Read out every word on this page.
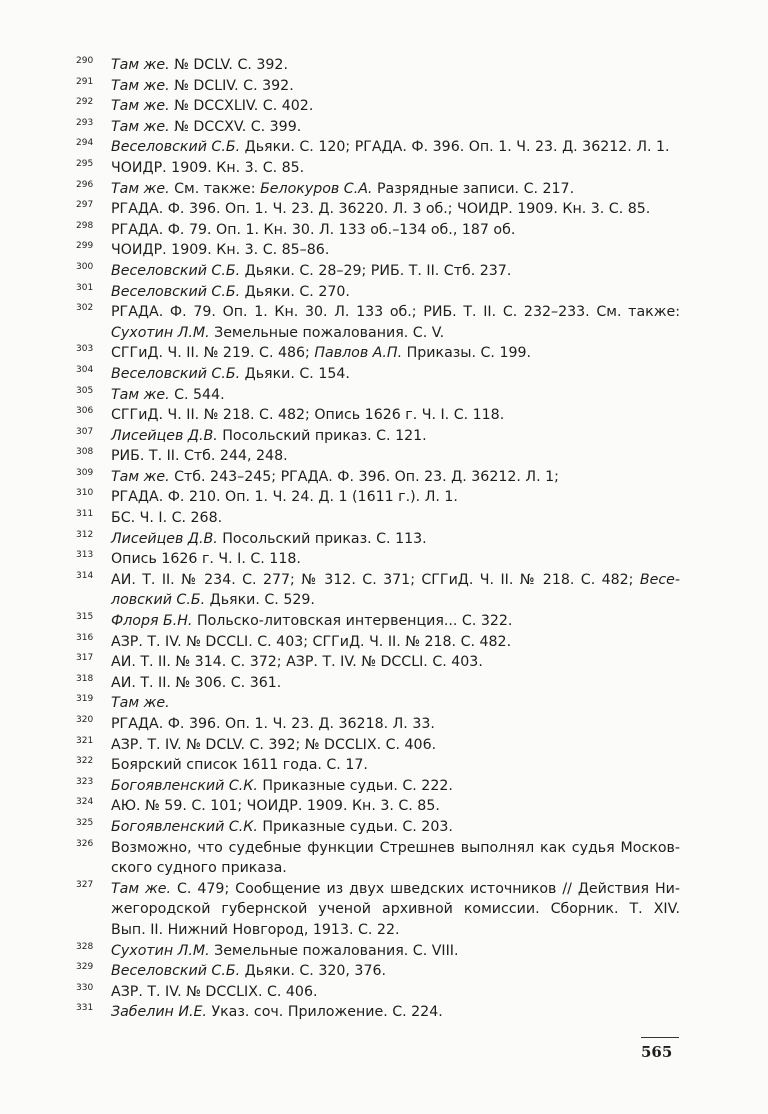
290 Там же. № DCLV. С. 392.
291 Там же. № DCLIV. С. 392.
292 Там же. № DCCXLIV. С. 402.
293 Там же. № DCCXV. С. 399.
294 Веселовский С.Б. Дьяки. С. 120; РГАДА. Ф. 396. Оп. 1. Ч. 23. Д. 36212. Л. 1.
295 ЧОИДР. 1909. Кн. 3. С. 85.
296 Там же. См. также: Белокуров С.А. Разрядные записи. С. 217.
297 РГАДА. Ф. 396. Оп. 1. Ч. 23. Д. 36220. Л. 3 об.; ЧОИДР. 1909. Кн. 3. С. 85.
298 РГАДА. Ф. 79. Оп. 1. Кн. 30. Л. 133 об.–134 об., 187 об.
299 ЧОИДР. 1909. Кн. 3. С. 85–86.
300 Веселовский С.Б. Дьяки. С. 28–29; РИБ. Т. II. Стб. 237.
301 Веселовский С.Б. Дьяки. С. 270.
302 РГАДА. Ф. 79. Оп. 1. Кн. 30. Л. 133 об.; РИБ. Т. II. С. 232–233. См. также:
Сухотин Л.М. Земельные пожалования. С. V.
303 СГГиД. Ч. II. № 219. С. 486; Павлов А.П. Приказы. С. 199.
304 Веселовский С.Б. Дьяки. С. 154.
305 Там же. С. 544.
306 СГГиД. Ч. II. № 218. С. 482; Опись 1626 г. Ч. I. С. 118.
307 Лисейцев Д.В. Посольский приказ. С. 121.
308 РИБ. Т. II. Стб. 244, 248.
309 Там же. Стб. 243–245; РГАДА. Ф. 396. Оп. 23. Д. 36212. Л. 1;
310 РГАДА. Ф. 210. Оп. 1. Ч. 24. Д. 1 (1611 г.). Л. 1.
311 БС. Ч. I. С. 268.
312 Лисейцев Д.В. Посольский приказ. С. 113.
313 Опись 1626 г. Ч. I. С. 118.
314 АИ. Т. II. № 234. С. 277; № 312. С. 371; СГГиД. Ч. II. № 218. С. 482; Весе-
ловский С.Б. Дьяки. С. 529.
315 Флоря Б.Н. Польско-литовская интервенция... С. 322.
316 АЗР. Т. IV. № DCCLI. С. 403; СГГиД. Ч. II. № 218. С. 482.
317 АИ. Т. II. № 314. С. 372; АЗР. Т. IV. № DCCLI. С. 403.
318 АИ. Т. II. № 306. С. 361.
319 Там же.
320 РГАДА. Ф. 396. Оп. 1. Ч. 23. Д. 36218. Л. 33.
321 АЗР. Т. IV. № DCLV. С. 392; № DCCLIX. С. 406.
322 Боярский список 1611 года. С. 17.
323 Богоявленский С.К. Приказные судьи. С. 222.
324 АЮ. № 59. С. 101; ЧОИДР. 1909. Кн. 3. С. 85.
325 Богоявленский С.К. Приказные судьи. С. 203.
326 Возможно, что судебные функции Стрешнев выполнял как судья Москов-
ского судного приказа.
327 Там же. С. 479; Сообщение из двух шведских источников // Действия Ни-
жегородской губернской ученой архивной комиссии. Сборник. Т. XIV.
Вып. II. Нижний Новгород, 1913. С. 22.
328 Сухотин Л.М. Земельные пожалования. С. VIII.
329 Веселовский С.Б. Дьяки. С. 320, 376.
330 АЗР. Т. IV. № DCCLIX. С. 406.
331 Забелин И.Е. Указ. соч. Приложение. С. 224.
565
